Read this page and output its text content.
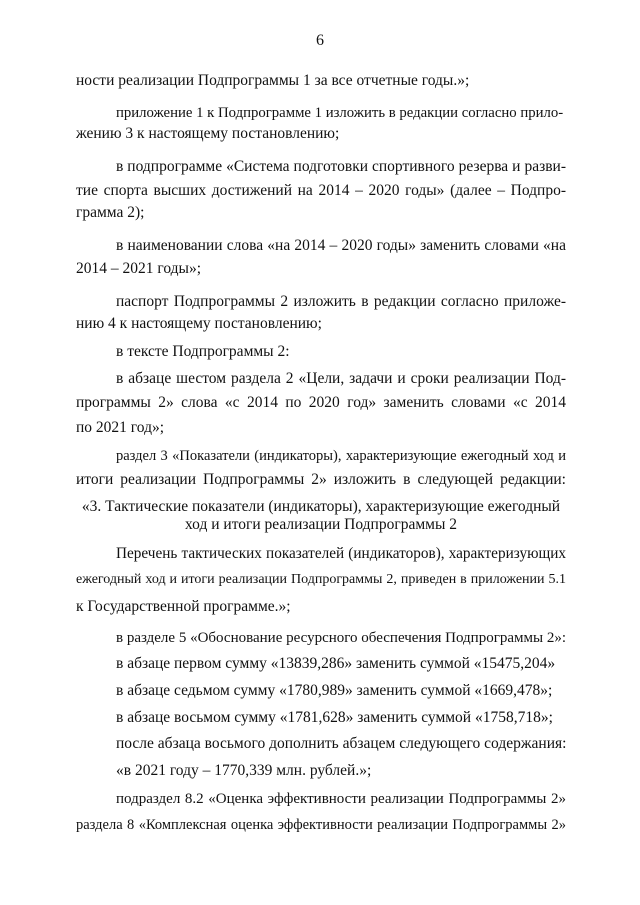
6
ности реализации Подпрограммы 1 за все отчетные годы.»;
приложение 1 к Подпрограмме 1 изложить в редакции согласно прило-
жению 3 к настоящему постановлению;
в подпрограмме «Система подготовки спортивного резерва и разви-
тие спорта высших достижений на 2014 – 2020 годы» (далее – Подпро-
грамма 2);
в наименовании слова «на 2014 – 2020 годы» заменить словами «на
2014 – 2021 годы»;
паспорт Подпрограммы 2 изложить в редакции согласно приложе-
нию 4 к настоящему постановлению;
в тексте Подпрограммы 2:
в абзаце шестом раздела 2 «Цели, задачи и сроки реализации Под-
программы 2» слова «с 2014 по 2020 год» заменить словами «с 2014
по 2021 год»;
раздел 3 «Показатели (индикаторы), характеризующие ежегодный ход и
итоги реализации Подпрограммы 2» изложить в следующей редакции:
«3. Тактические показатели (индикаторы), характеризующие ежегодный
ход и итоги реализации Подпрограммы 2
Перечень тактических показателей (индикаторов), характеризующих
ежегодный ход и итоги реализации Подпрограммы 2, приведен в приложении 5.1
к Государственной программе.»;
в разделе 5 «Обоснование ресурсного обеспечения Подпрограммы 2»:
в абзаце первом сумму «13839,286» заменить суммой «15475,204»
в абзаце седьмом сумму «1780,989» заменить суммой «1669,478»;
в абзаце восьмом сумму «1781,628» заменить суммой «1758,718»;
после абзаца восьмого дополнить абзацем следующего содержания:
«в 2021 году – 1770,339 млн. рублей.»;
подраздел 8.2 «Оценка эффективности реализации Подпрограммы 2»
раздела 8 «Комплексная оценка эффективности реализации Подпрограммы 2»
